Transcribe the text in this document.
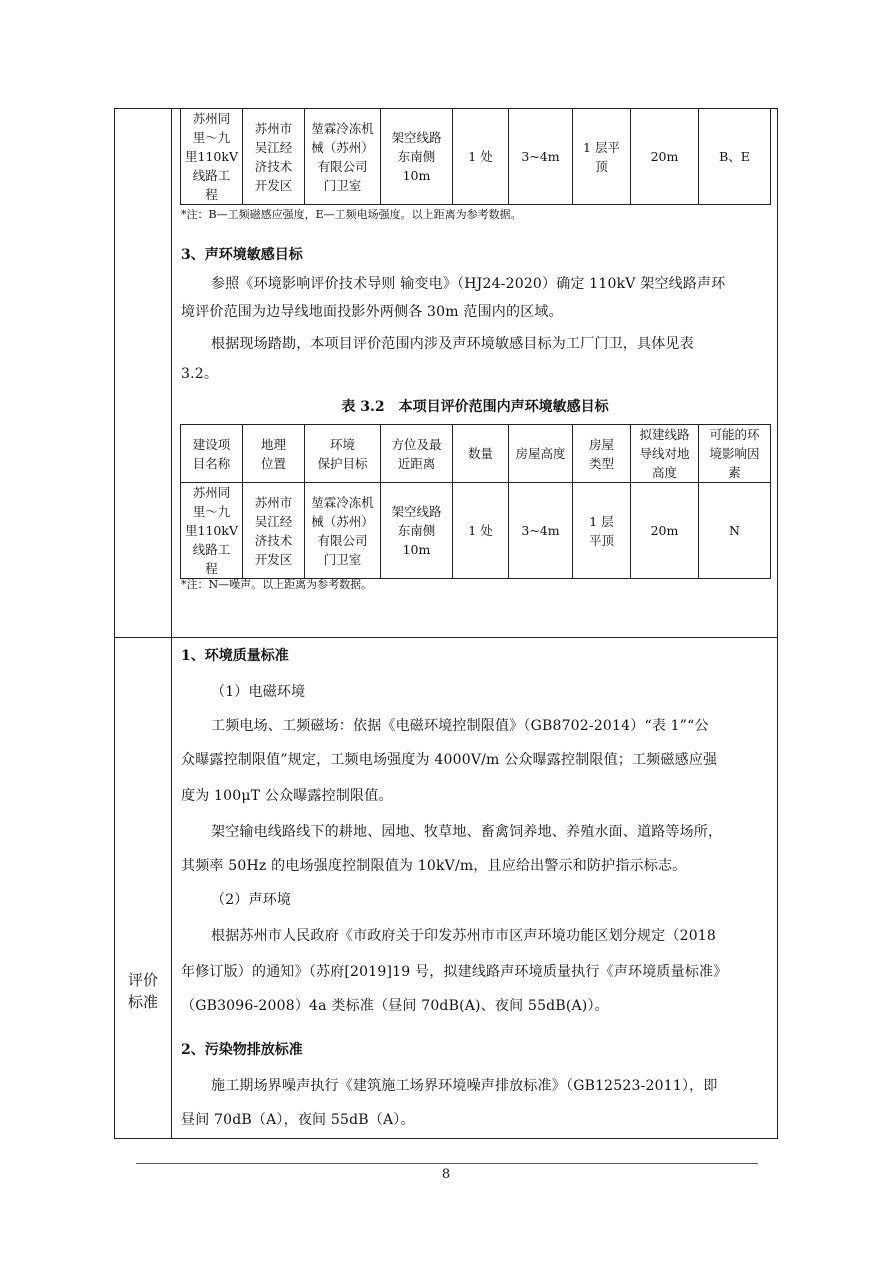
评价
标准
苏州同
里～九
里110kV
线路工
程	苏州市
吴江经
济技术
开发区	堃霖冷冻机
械（苏州）
有限公司
门卫室	架空线路
东南侧
10m	1 处	3~4m	1 层平
顶	20m	B、E
*注：B—工频磁感应强度，E—工频电场强度。以上距离为参考数据。
3、声环境敏感目标
参照《环境影响评价技术导则 输变电》（HJ24-2020）确定 110kV 架空线路声环
境评价范围为边导线地面投影外两侧各 30m 范围内的区域。
根据现场踏勘，本项目评价范围内涉及声环境敏感目标为工厂门卫，具体见表
3.2。
表 3.2　本项目评价范围内声环境敏感目标
建设项
目名称	地理
位置	环境
保护目标	方位及最
近距离	数量	房屋高度	房屋
类型	拟建线路
导线对地
高度	可能的环
境影响因
素
苏州同
里～九
里110kV
线路工
程	苏州市
吴江经
济技术
开发区	堃霖冷冻机
械（苏州）
有限公司
门卫室	架空线路
东南侧
10m	1 处	3~4m	1 层
平顶	20m	N
*注：N—噪声。以上距离为参考数据。
1、环境质量标准
（1）电磁环境
工频电场、工频磁场：依据《电磁环境控制限值》（GB8702-2014）“表 1”“公
众曝露控制限值”规定，工频电场强度为 4000V/m 公众曝露控制限值；工频磁感应强
度为 100μT 公众曝露控制限值。
架空输电线路线下的耕地、园地、牧草地、畜禽饲养地、养殖水面、道路等场所，
其频率 50Hz 的电场强度控制限值为 10kV/m，且应给出警示和防护指示标志。
（2）声环境
根据苏州市人民政府《市政府关于印发苏州市市区声环境功能区划分规定（2018
年修订版）的通知》（苏府[2019]19 号，拟建线路声环境质量执行《声环境质量标准》
（GB3096-2008）4a 类标准（昼间 70dB(A)、夜间 55dB(A)）。
2、污染物排放标准
施工期场界噪声执行《建筑施工场界环境噪声排放标准》（GB12523-2011），即
昼间 70dB（A），夜间 55dB（A）。
8
